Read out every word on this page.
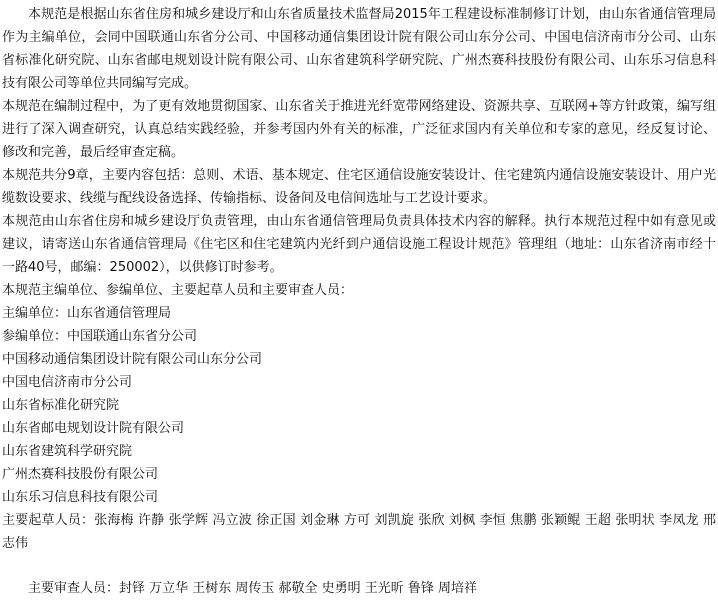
本规范是根据山东省住房和城乡建设厅和山东省质量技术监督局2015年工程建设标准制修订计划，由山东省通信管理局作为主编单位，会同中国联通山东省分公司、中国移动通信集团设计院有限公司山东分公司、中国电信济南市分公司、山东省标准化研究院、山东省邮电规划设计院有限公司、山东省建筑科学研究院、广州杰赛科技股份有限公司、山东乐习信息科技有限公司等单位共同编写完成。

本规范在编制过程中，为了更有效地贯彻国家、山东省关于推进光纤宽带网络建设、资源共享、互联网+等方针政策，编写组进行了深入调查研究，认真总结实践经验，并参考国内外有关的标准，广泛征求国内有关单位和专家的意见，经反复讨论、修改和完善，最后经审查定稿。

本规范共分9章，主要内容包括：总则、术语、基本规定、住宅区通信设施安装设计、住宅建筑内通信设施安装设计、用户光缆数设要求、线缆与配线设备选择、传输指标、设备间及电信间选址与工艺设计要求。

本规范由山东省住房和城乡建设厅负责管理，由山东省通信管理局负责具体技术内容的解释。执行本规范过程中如有意见或建议，请寄送山东省通信管理局《住宅区和住宅建筑内光纤到户通信设施工程设计规范》管理组（地址：山东省济南市经十一路40号，邮编：250002），以供修订时参考。

本规范主编单位、参编单位、主要起草人员和主要审查人员：

主编单位：山东省通信管理局

参编单位：中国联通山东省分公司
中国移动通信集团设计院有限公司山东分公司
中国电信济南市分公司
山东省标准化研究院
山东省邮电规划设计院有限公司
山东省建筑科学研究院
广州杰赛科技股份有限公司
山东乐习信息科技有限公司

主要起草人员：张海梅 许静 张学辉 冯立波 徐正国 刘金琳 方可 刘凯旋 张欣 刘枫 李恒 焦鹏 张颖鲲 王超 张明状 李凤龙 邢志伟

主要审查人员：封铎 万立华 王树东 周传玉 郝敬全 史勇明 王光昕 鲁锋 周培祥
